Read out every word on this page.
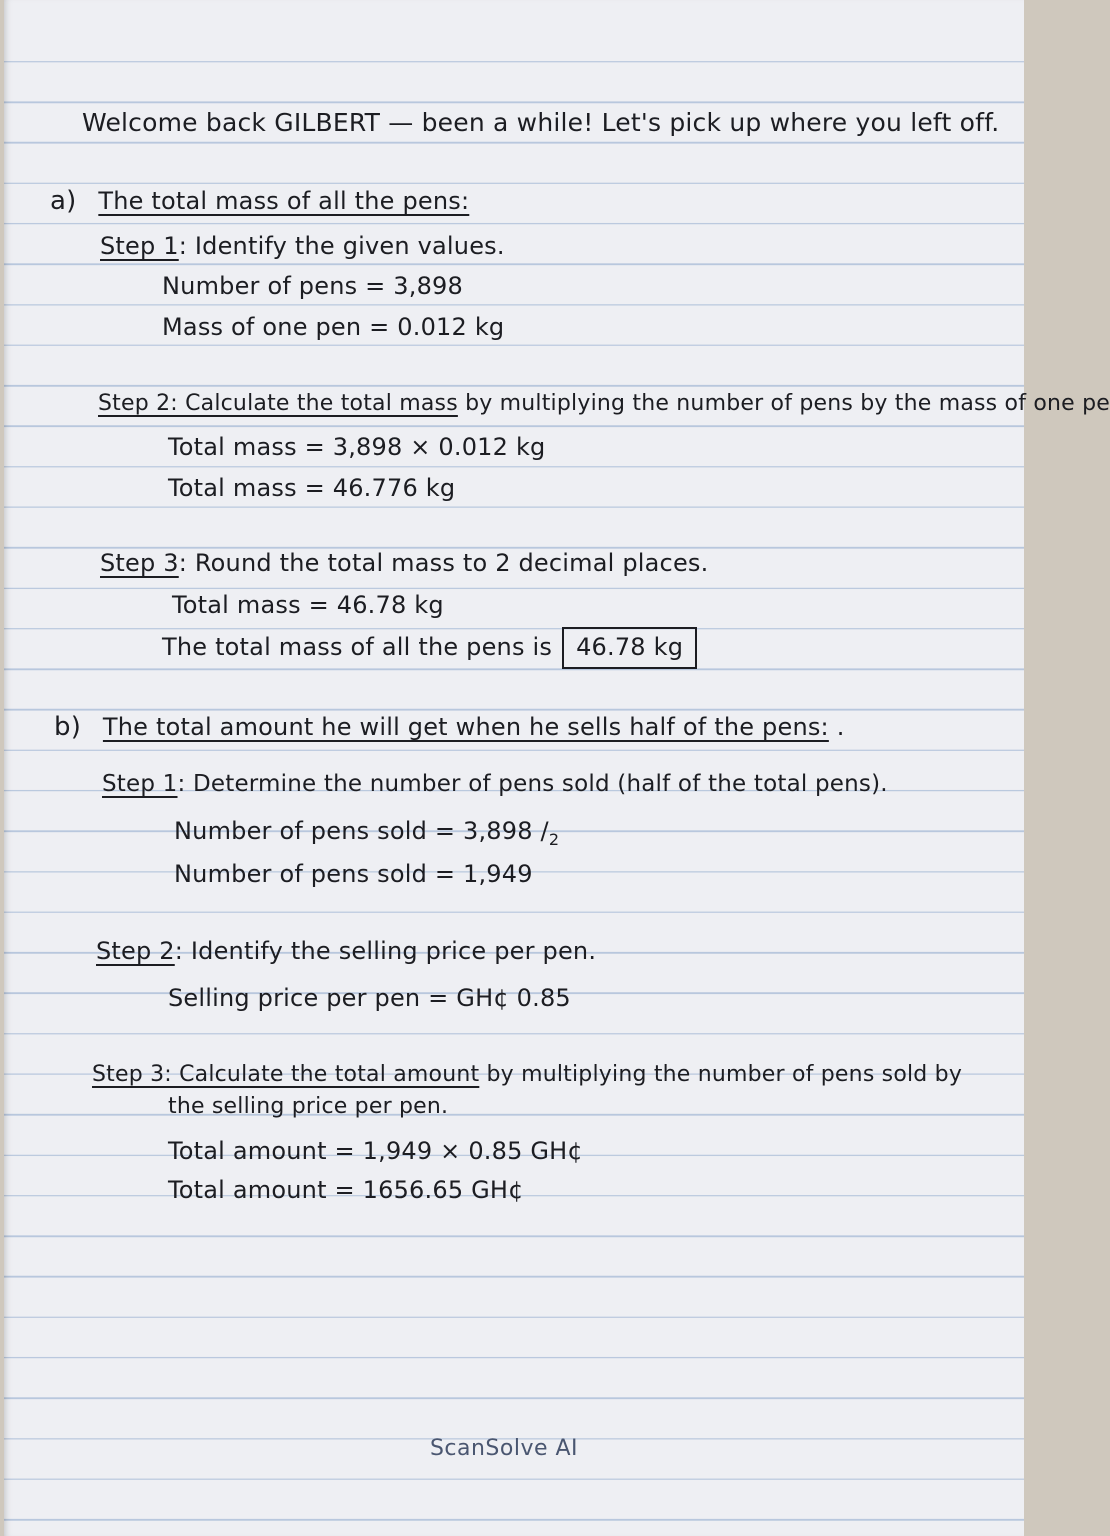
Welcome back GILBERT — been a while! Let's pick up where you left off.
a) The total mass of all the pens:
Step 1: Identify the given values.
Number of pens = 3,898
Mass of one pen = 0.012 kg
Step 2: Calculate the total mass by multiplying the number of pens by the mass of one pe
Total mass = 3,898 × 0.012 kg
Total mass = 46.776 kg
Step 3: Round the total mass to 2 decimal places.
Total mass = 46.78 kg
The total mass of all the pens is 46.78 kg
b) The total amount he will get when he sells half of the pens: .
Step 1: Determine the number of pens sold (half of the total pens).
Number of pens sold = 3,898 $/_2$
Number of pens sold = 1,949
Step 2: Identify the selling price per pen.
Selling price per pen = GH¢ 0.85
Step 3: Calculate the total amount by multiplying the number of pens sold by
the selling price per pen.
Total amount = 1,949 × 0.85 GH¢
Total amount = 1656.65 GH¢
ScanSolve AI
